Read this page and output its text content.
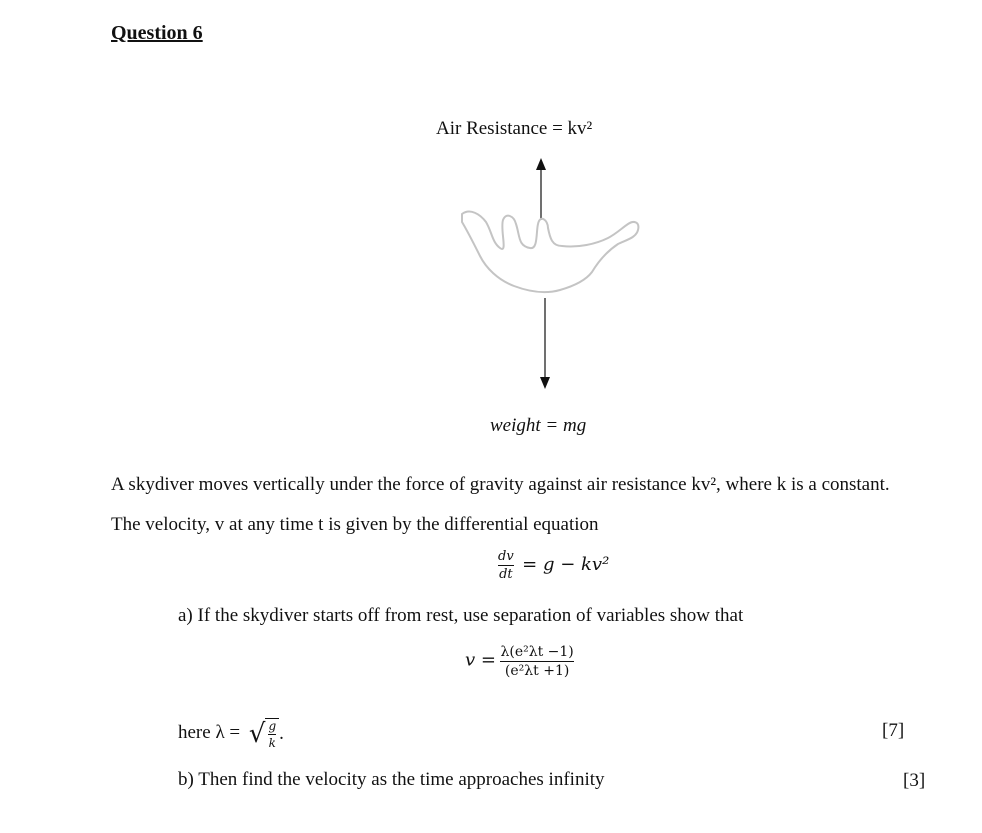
Question 6
Air Resistance = kv²
weight = mg
A skydiver moves vertically under the force of gravity against air resistance kv², where k is a constant.
The velocity, v at any time t is given by the differential equation
$\frac{dv}{dt} = g - kv^2$
a) If the skydiver starts off from rest, use separation of variables show that
$v = \frac{\text{λ(e²λt −1)}}{\text{(e²λt +1)}}$
here λ = √ $\frac{g}{k}$ .	[7]
b) Then find the velocity as the time approaches infinity	[3]
